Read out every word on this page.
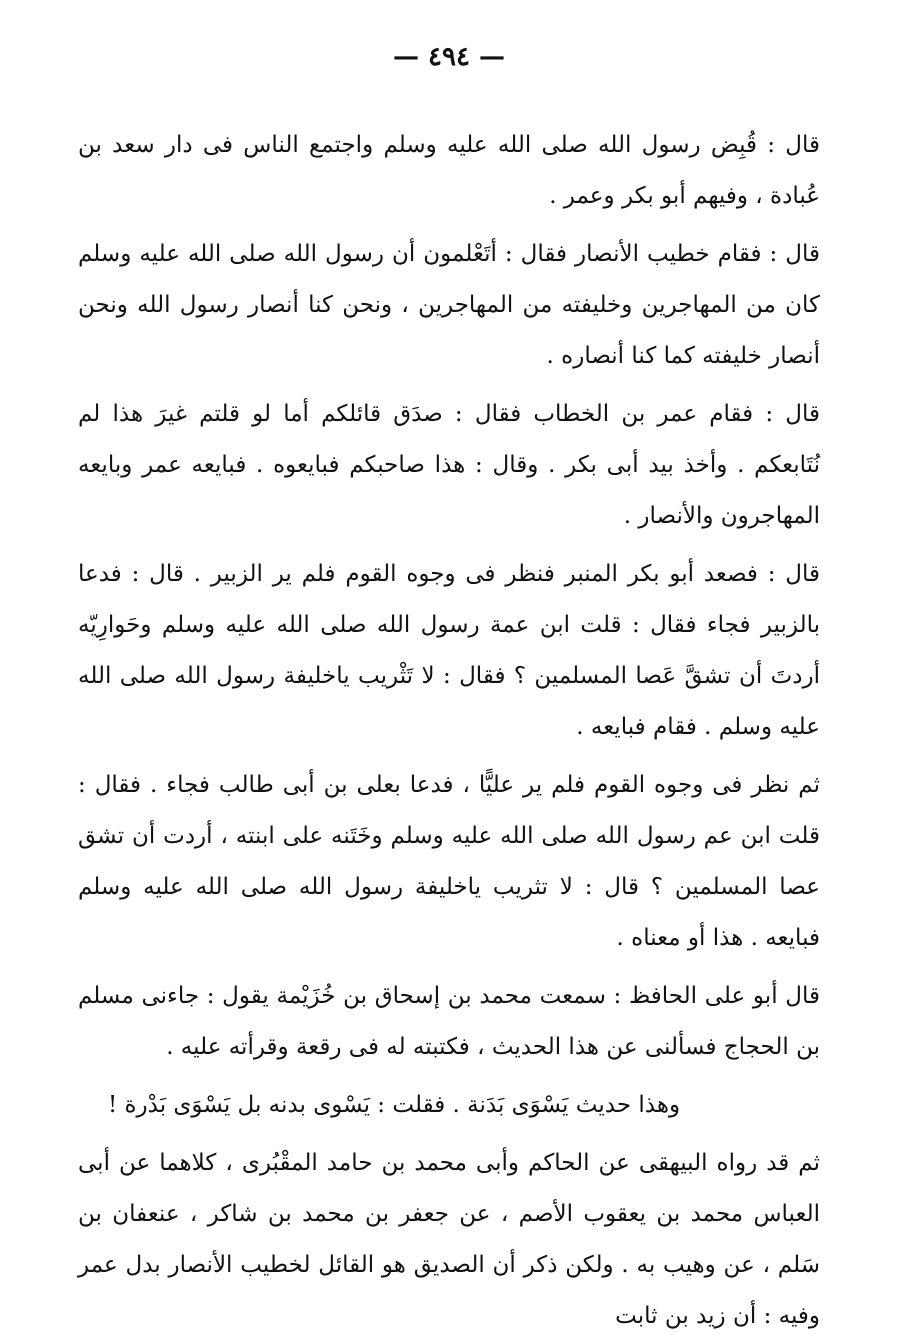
— ٤٩٤ —

قال : قُبِض رسول الله صلى الله عليه وسلم واجتمع الناس فى دار سعد بن عُبادة ، وفيهم أبو بكر وعمر .

قال : فقام خطيب الأنصار فقال : أتَعْلمون أن رسول الله صلى الله عليه وسلم كان من المهاجرين وخليفته من المهاجرين ، ونحن كنا أنصار رسول الله ونحن أنصار خليفته كما كنا أنصاره .

قال : فقام عمر بن الخطاب فقال : صدَق قائلكم أما لو قلتم غيرَ هذا لم نُتَابعكم . وأخذ بيد أبى بكر . وقال : هذا صاحبكم فبايعوه . فبايعه عمر وبايعه المهاجرون والأنصار .

قال : فصعد أبو بكر المنبر فنظر فى وجوه القوم فلم ير الزبير . قال : فدعا بالزبير فجاء فقال : قلت ابن عمة رسول الله صلى الله عليه وسلم وحَوارِيّه أردتَ أن تشقَّ عَصا المسلمين ؟ فقال : لا تَثْريب ياخليفة رسول الله صلى الله عليه وسلم . فقام فبايعه .

ثم نظر فى وجوه القوم فلم ير عليًّا ، فدعا بعلى بن أبى طالب فجاء . فقال : قلت ابن عم رسول الله صلى الله عليه وسلم وخَتَنه على ابنته ، أردت أن تشق عصا المسلمين ؟ قال : لا تثريب ياخليفة رسول الله صلى الله عليه وسلم فبايعه . هذا أو معناه .

قال أبو على الحافظ : سمعت محمد بن إسحاق بن خُزَيْمة يقول : جاءنى مسلم بن الحجاج فسألنى عن هذا الحديث ، فكتبته له فى رقعة وقرأته عليه .

وهذا حديث يَسْوَى بَدَنة . فقلت : يَسْوى بدنه بل يَسْوَى بَدْرة !

ثم قد رواه البيهقى عن الحاكم وأبى محمد بن حامد المقْبُرى ، كلاهما عن أبى العباس محمد بن يعقوب الأصم ، عن جعفر بن محمد بن شاكر ، عنعفان بن سَلم ، عن وهيب به . ولكن ذكر أن الصديق هو القائل لخطيب الأنصار بدل عمر وفيه : أن زيد بن ثابت
